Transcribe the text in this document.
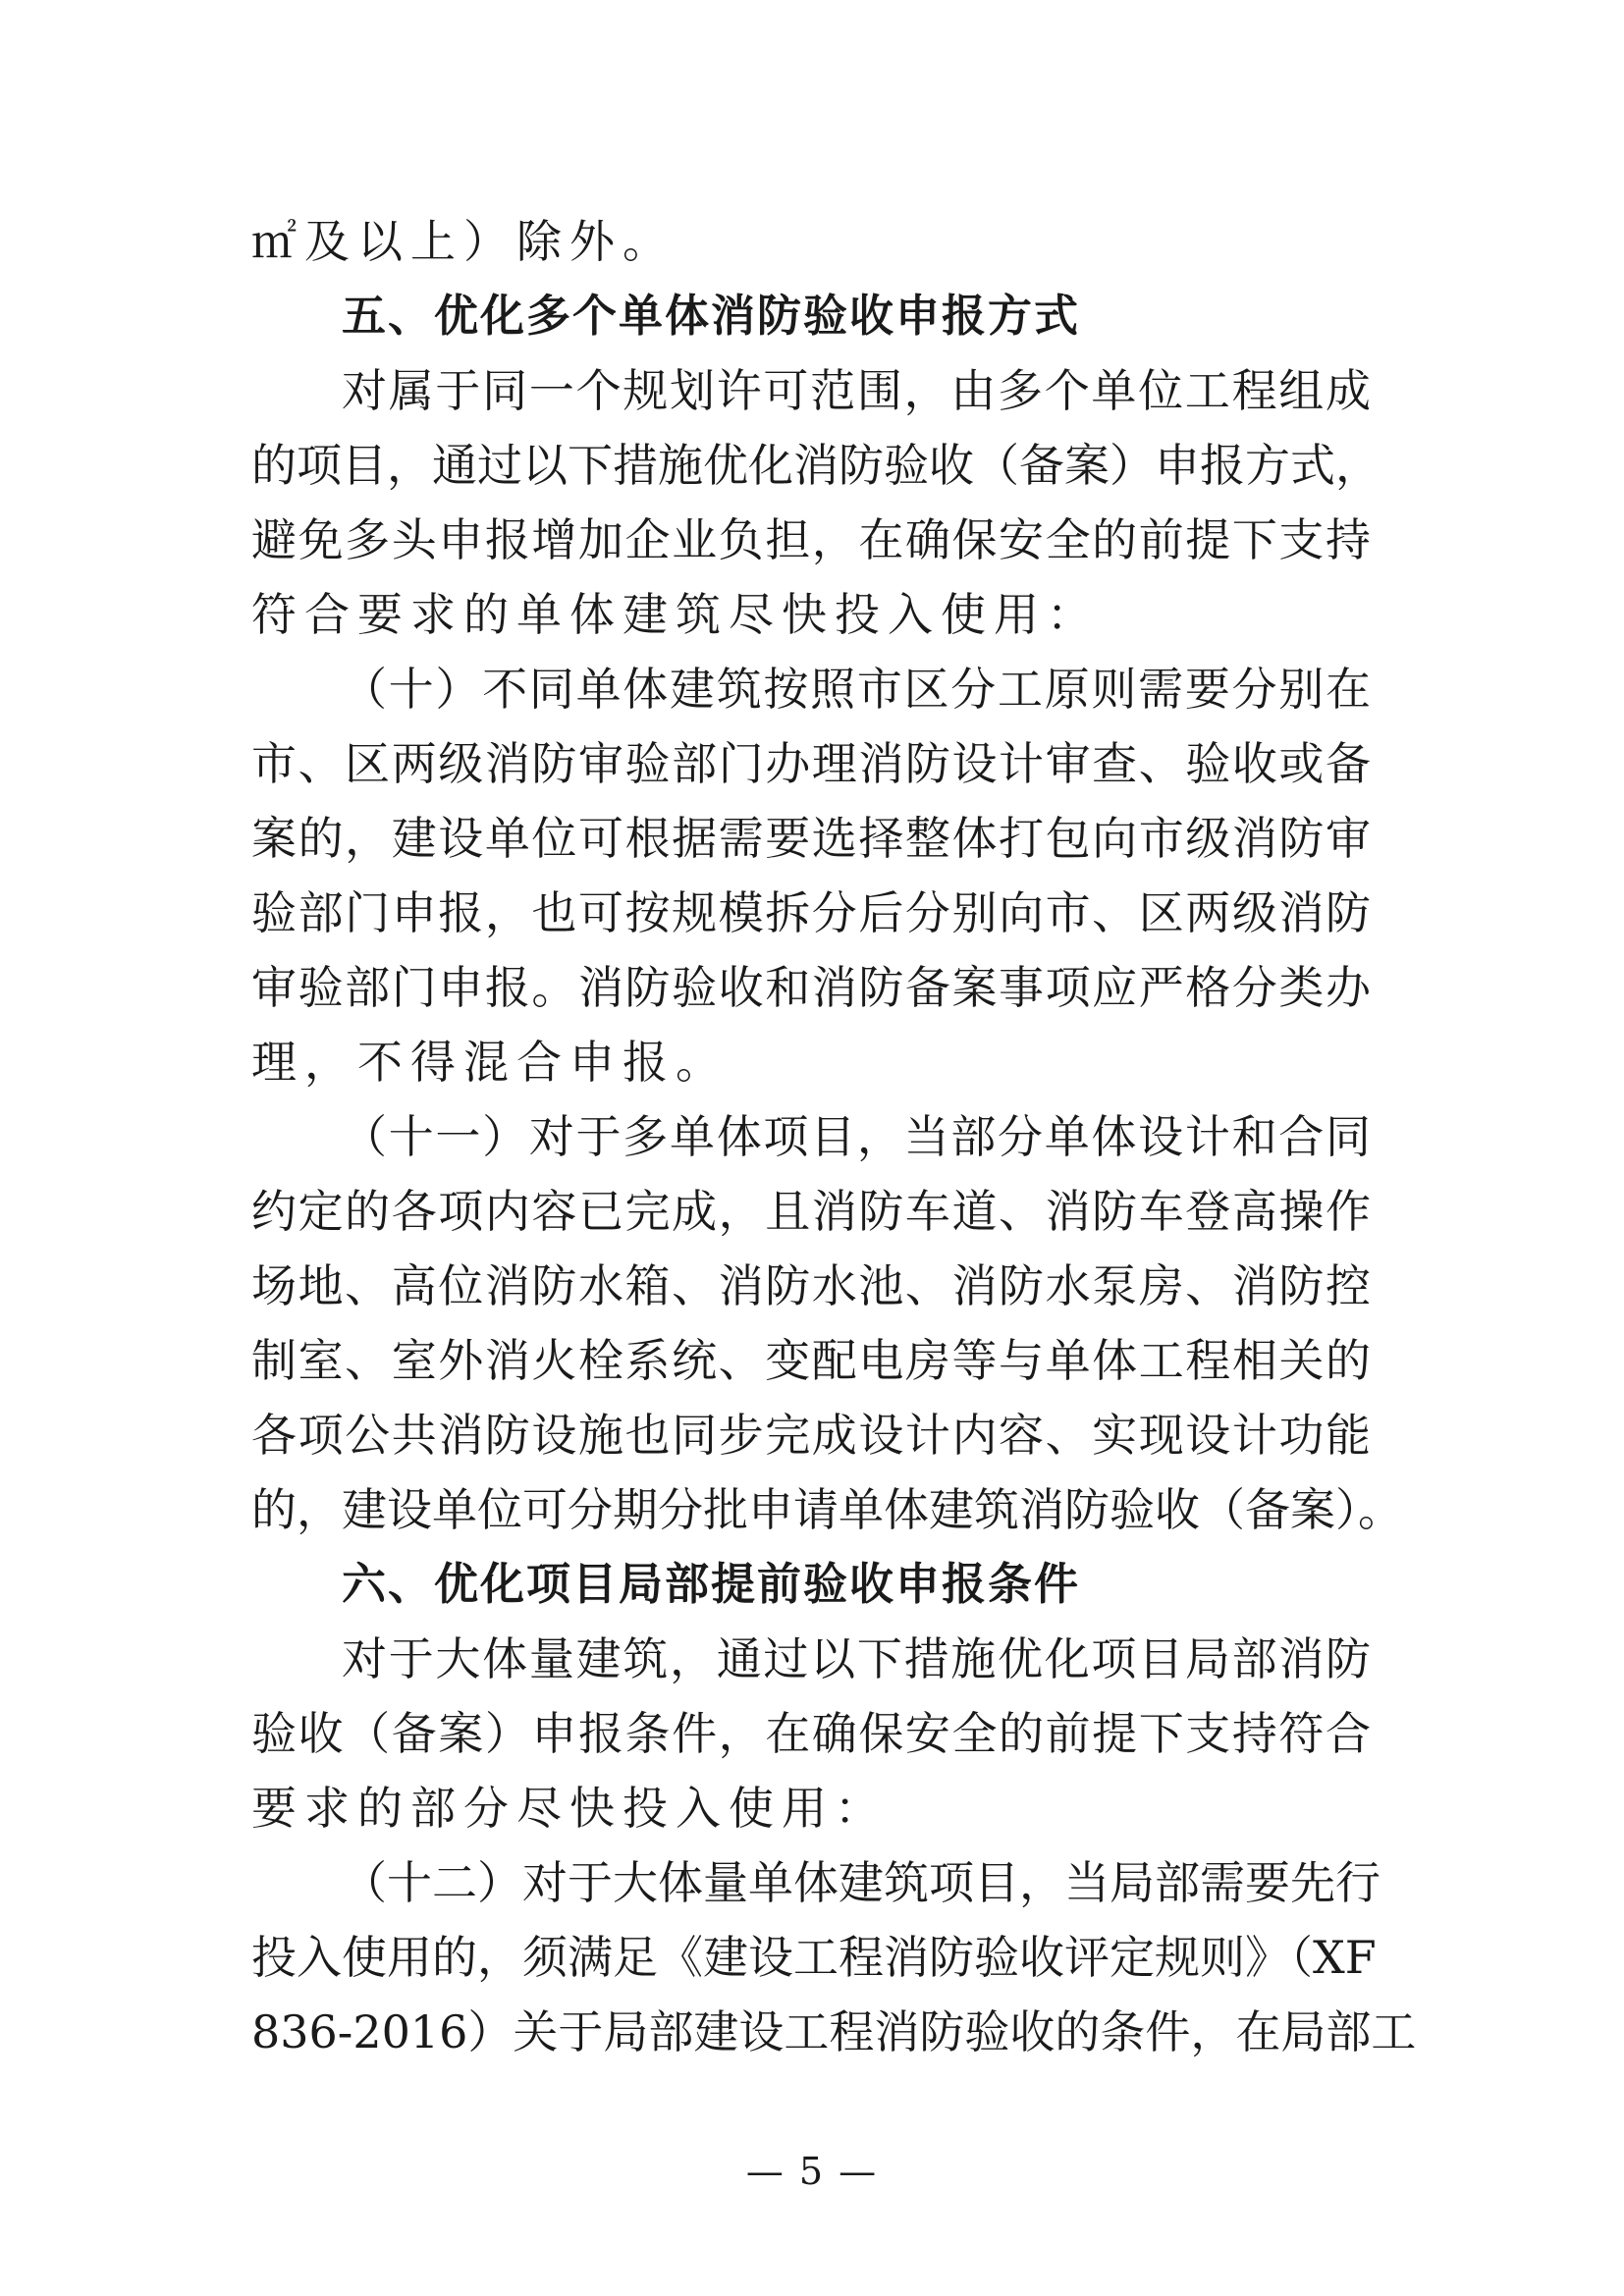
㎡及以上）除外。
五、优化多个单体消防验收申报方式
对属于同一个规划许可范围，由多个单位工程组成
的项目，通过以下措施优化消防验收（备案）申报方式，
避免多头申报增加企业负担，在确保安全的前提下支持
符合要求的单体建筑尽快投入使用：
（十）不同单体建筑按照市区分工原则需要分别在
市、区两级消防审验部门办理消防设计审查、验收或备
案的，建设单位可根据需要选择整体打包向市级消防审
验部门申报，也可按规模拆分后分别向市、区两级消防
审验部门申报。消防验收和消防备案事项应严格分类办
理，不得混合申报。
（十一）对于多单体项目，当部分单体设计和合同
约定的各项内容已完成，且消防车道、消防车登高操作
场地、高位消防水箱、消防水池、消防水泵房、消防控
制室、室外消火栓系统、变配电房等与单体工程相关的
各项公共消防设施也同步完成设计内容、实现设计功能
的，建设单位可分期分批申请单体建筑消防验收（备案）。
六、优化项目局部提前验收申报条件
对于大体量建筑，通过以下措施优化项目局部消防
验收（备案）申报条件，在确保安全的前提下支持符合
要求的部分尽快投入使用：
（十二）对于大体量单体建筑项目，当局部需要先行
投入使用的，须满足《建设工程消防验收评定规则》（XF
836-2016）关于局部建设工程消防验收的条件，在局部工
— 5 —
